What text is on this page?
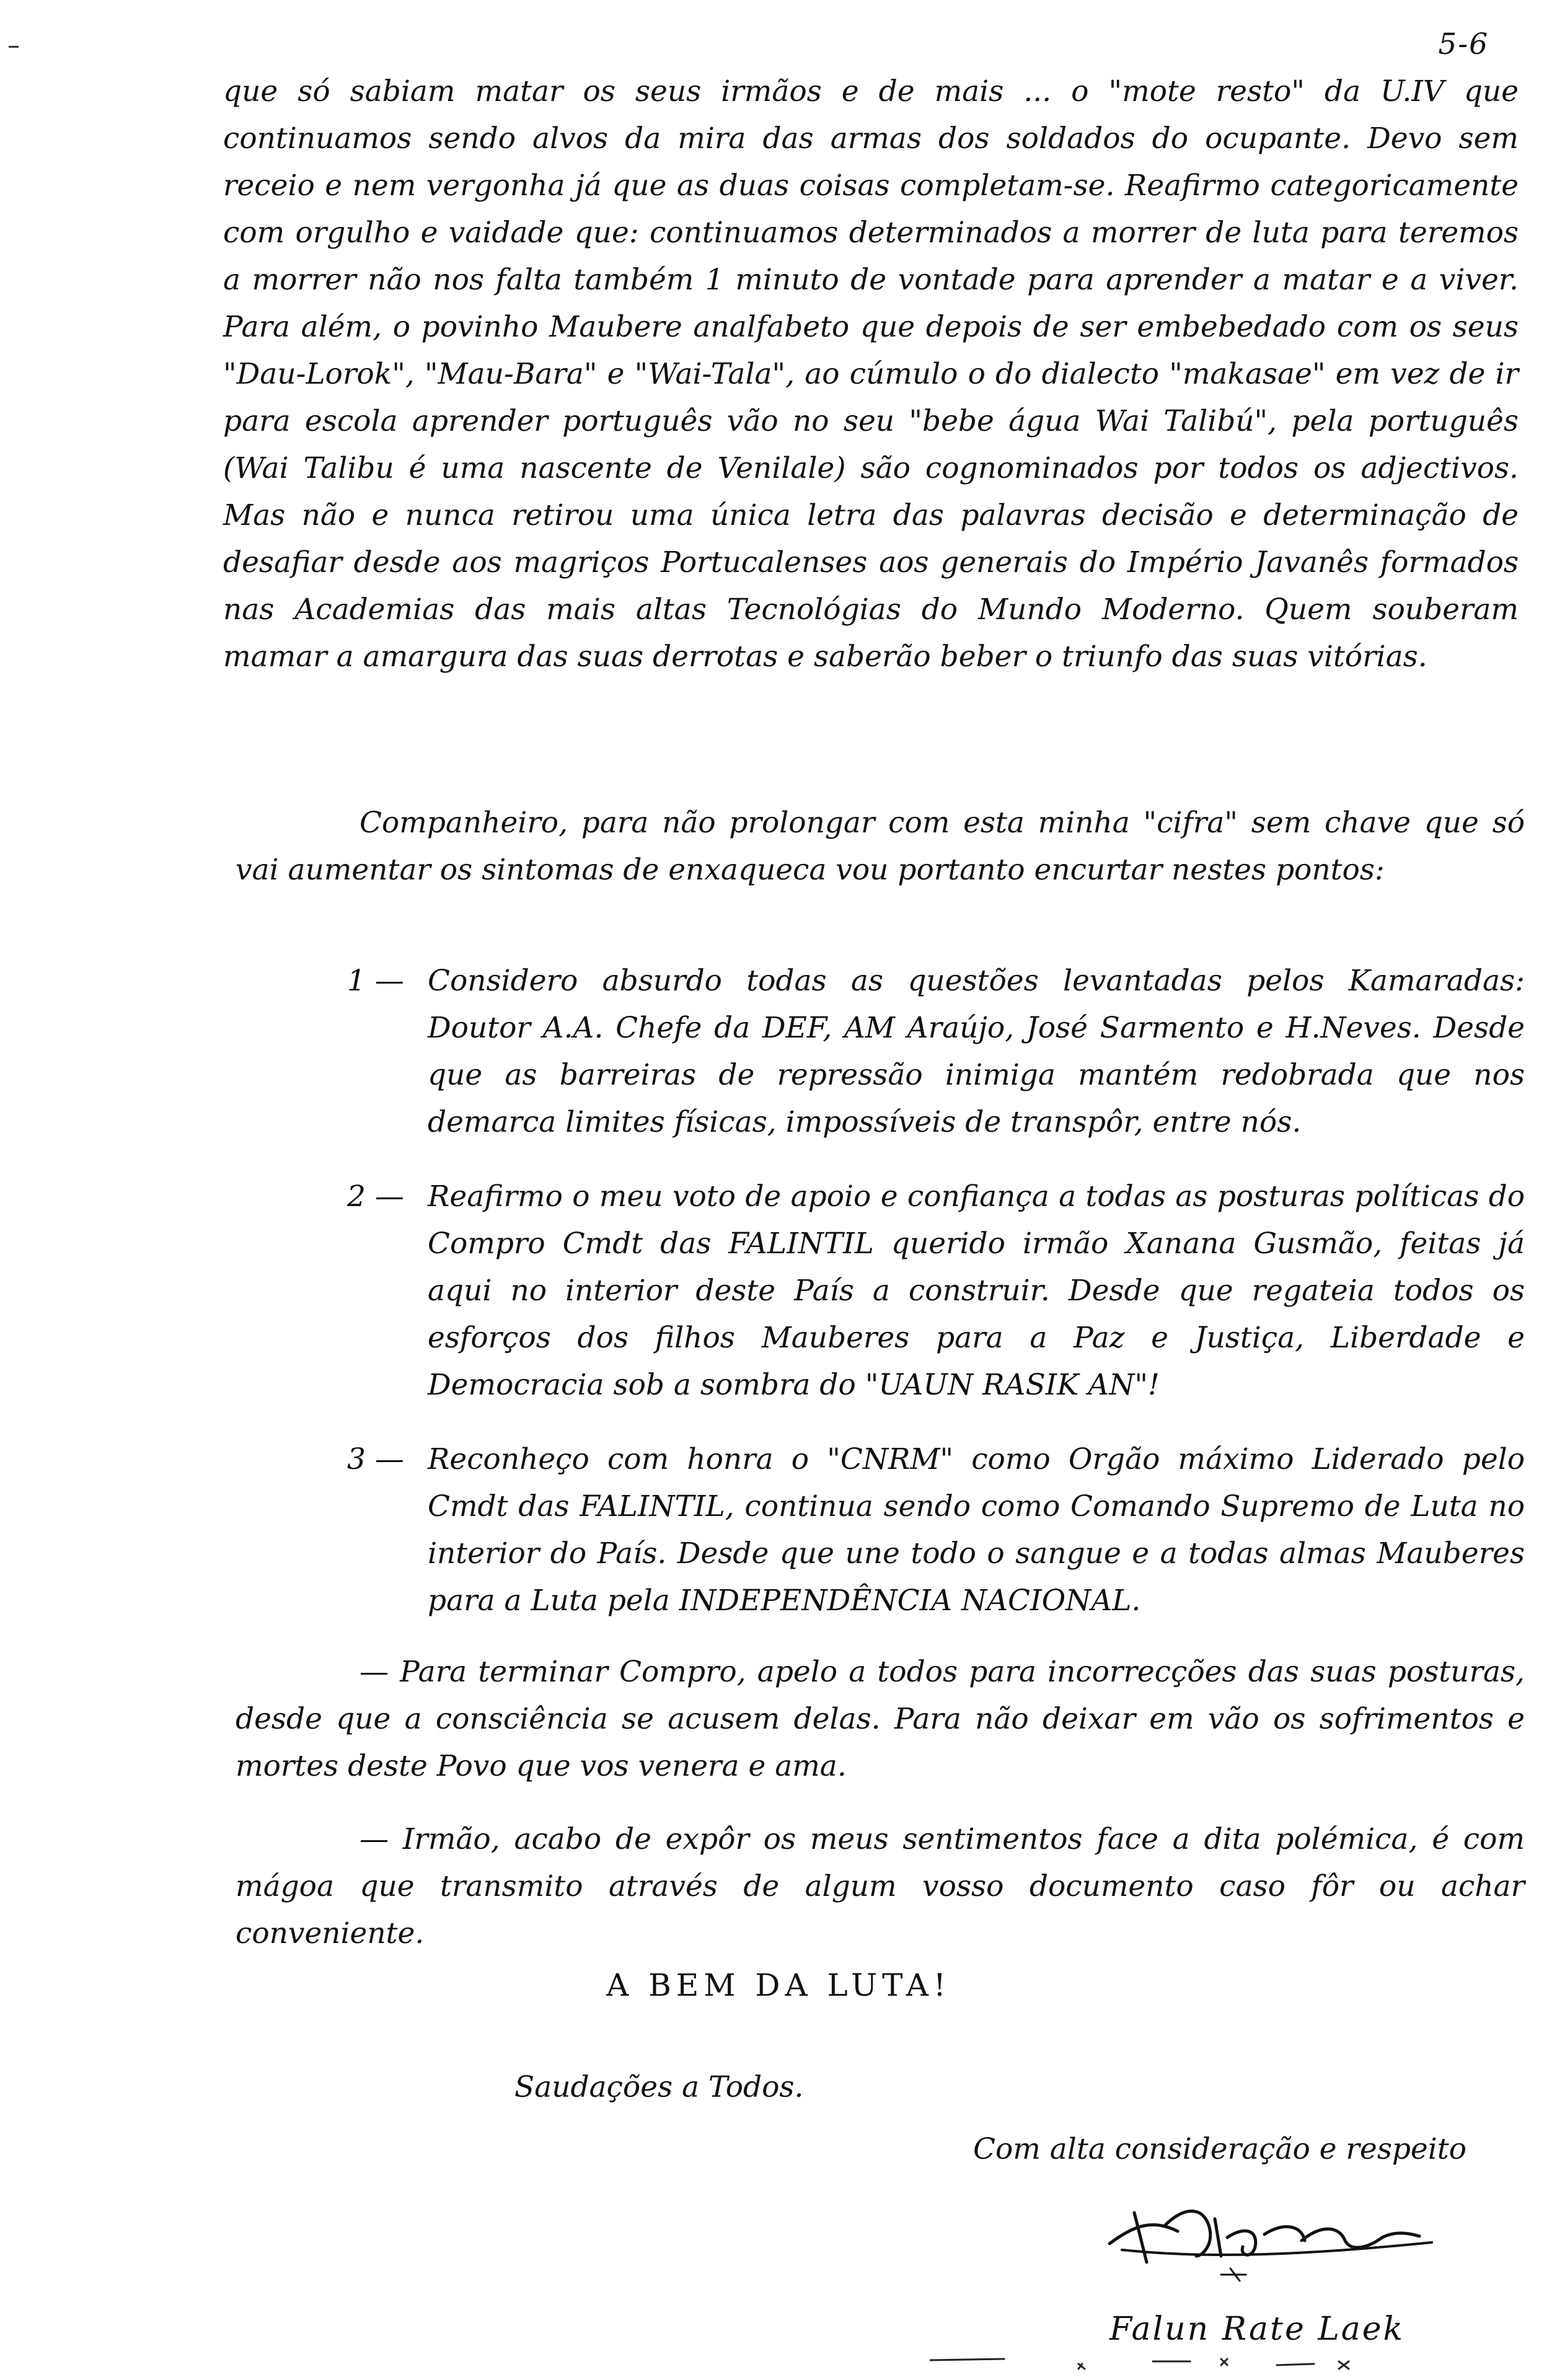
5-6

que só sabiam matar os seus irmãos e de mais ... o "mote resto" da U.IV que continuamos sendo alvos da mira das armas dos soldados do ocupante. Devo sem receio e nem vergonha já que as duas coisas completam-se. Reafirmo categoricamente com orgulho e vaidade que: continuamos determinados a morrer de luta para teremos a morrer não nos falta também 1 minuto de vontade para aprender a matar e a viver. Para além, o povinho Maubere analfabeto que depois de ser embebedado com os seus "Dau-Lorok", "Mau-Bara" e "Wai-Tala", ao cúmulo o do dialecto "makasae" em vez de ir para escola aprender português vão no seu "bebe água Wai Talibú", pela português (Wai Talibu é uma nascente de Venilale) são cognominados por todos os adjectivos. Mas não e nunca retirou uma única letra das palavras decisão e determinação de desafiar desde aos magriços Portucalenses aos generais do Império Javanês formados nas Academias das mais altas Tecnológias do Mundo Moderno. Quem souberam mamar a amargura das suas derrotas e saberão beber o triunfo das suas vitórias.

Companheiro, para não prolongar com esta minha "cifra" sem chave que só vai aumentar os sintomas de enxaqueca vou portanto encurtar nestes pontos:

1 — Considero absurdo todas as questões levantadas pelos Kamaradas: Doutor A.A. Chefe da DEF, AM Araújo, José Sarmento e H.Neves. Desde que as barreiras de repressão inimiga mantém redobrada que nos demarca limites físicas, impossíveis de transpôr, entre nós.
2 — Reafirmo o meu voto de apoio e confiança a todas as posturas políticas do Compro Cmdt das FALINTIL querido irmão Xanana Gusmão, feitas já aqui no interior deste País a construir. Desde que regateia todos os esforços dos filhos Mauberes para a Paz e Justiça, Liberdade e Democracia sob a sombra do "UAUN RASIK AN"!
3 — Reconheço com honra o "CNRM" como Orgão máximo Liderado pelo Cmdt das FALINTIL, continua sendo como Comando Supremo de Luta no interior do País. Desde que une todo o sangue e a todas almas Mauberes para a Luta pela INDEPENDÊNCIA NACIONAL.

— Para terminar Compro, apelo a todos para incorrecções das suas posturas, desde que a consciência se acusem delas. Para não deixar em vão os sofrimentos e mortes deste Povo que vos venera e ama.

— Irmão, acabo de expôr os meus sentimentos face a dita polémica, é com mágoa que transmito através de algum vosso documento caso fôr ou achar conveniente.

A BEM DA LUTA!

Saudações a Todos.

Com alta consideração e respeito

Falun Rate Laek
